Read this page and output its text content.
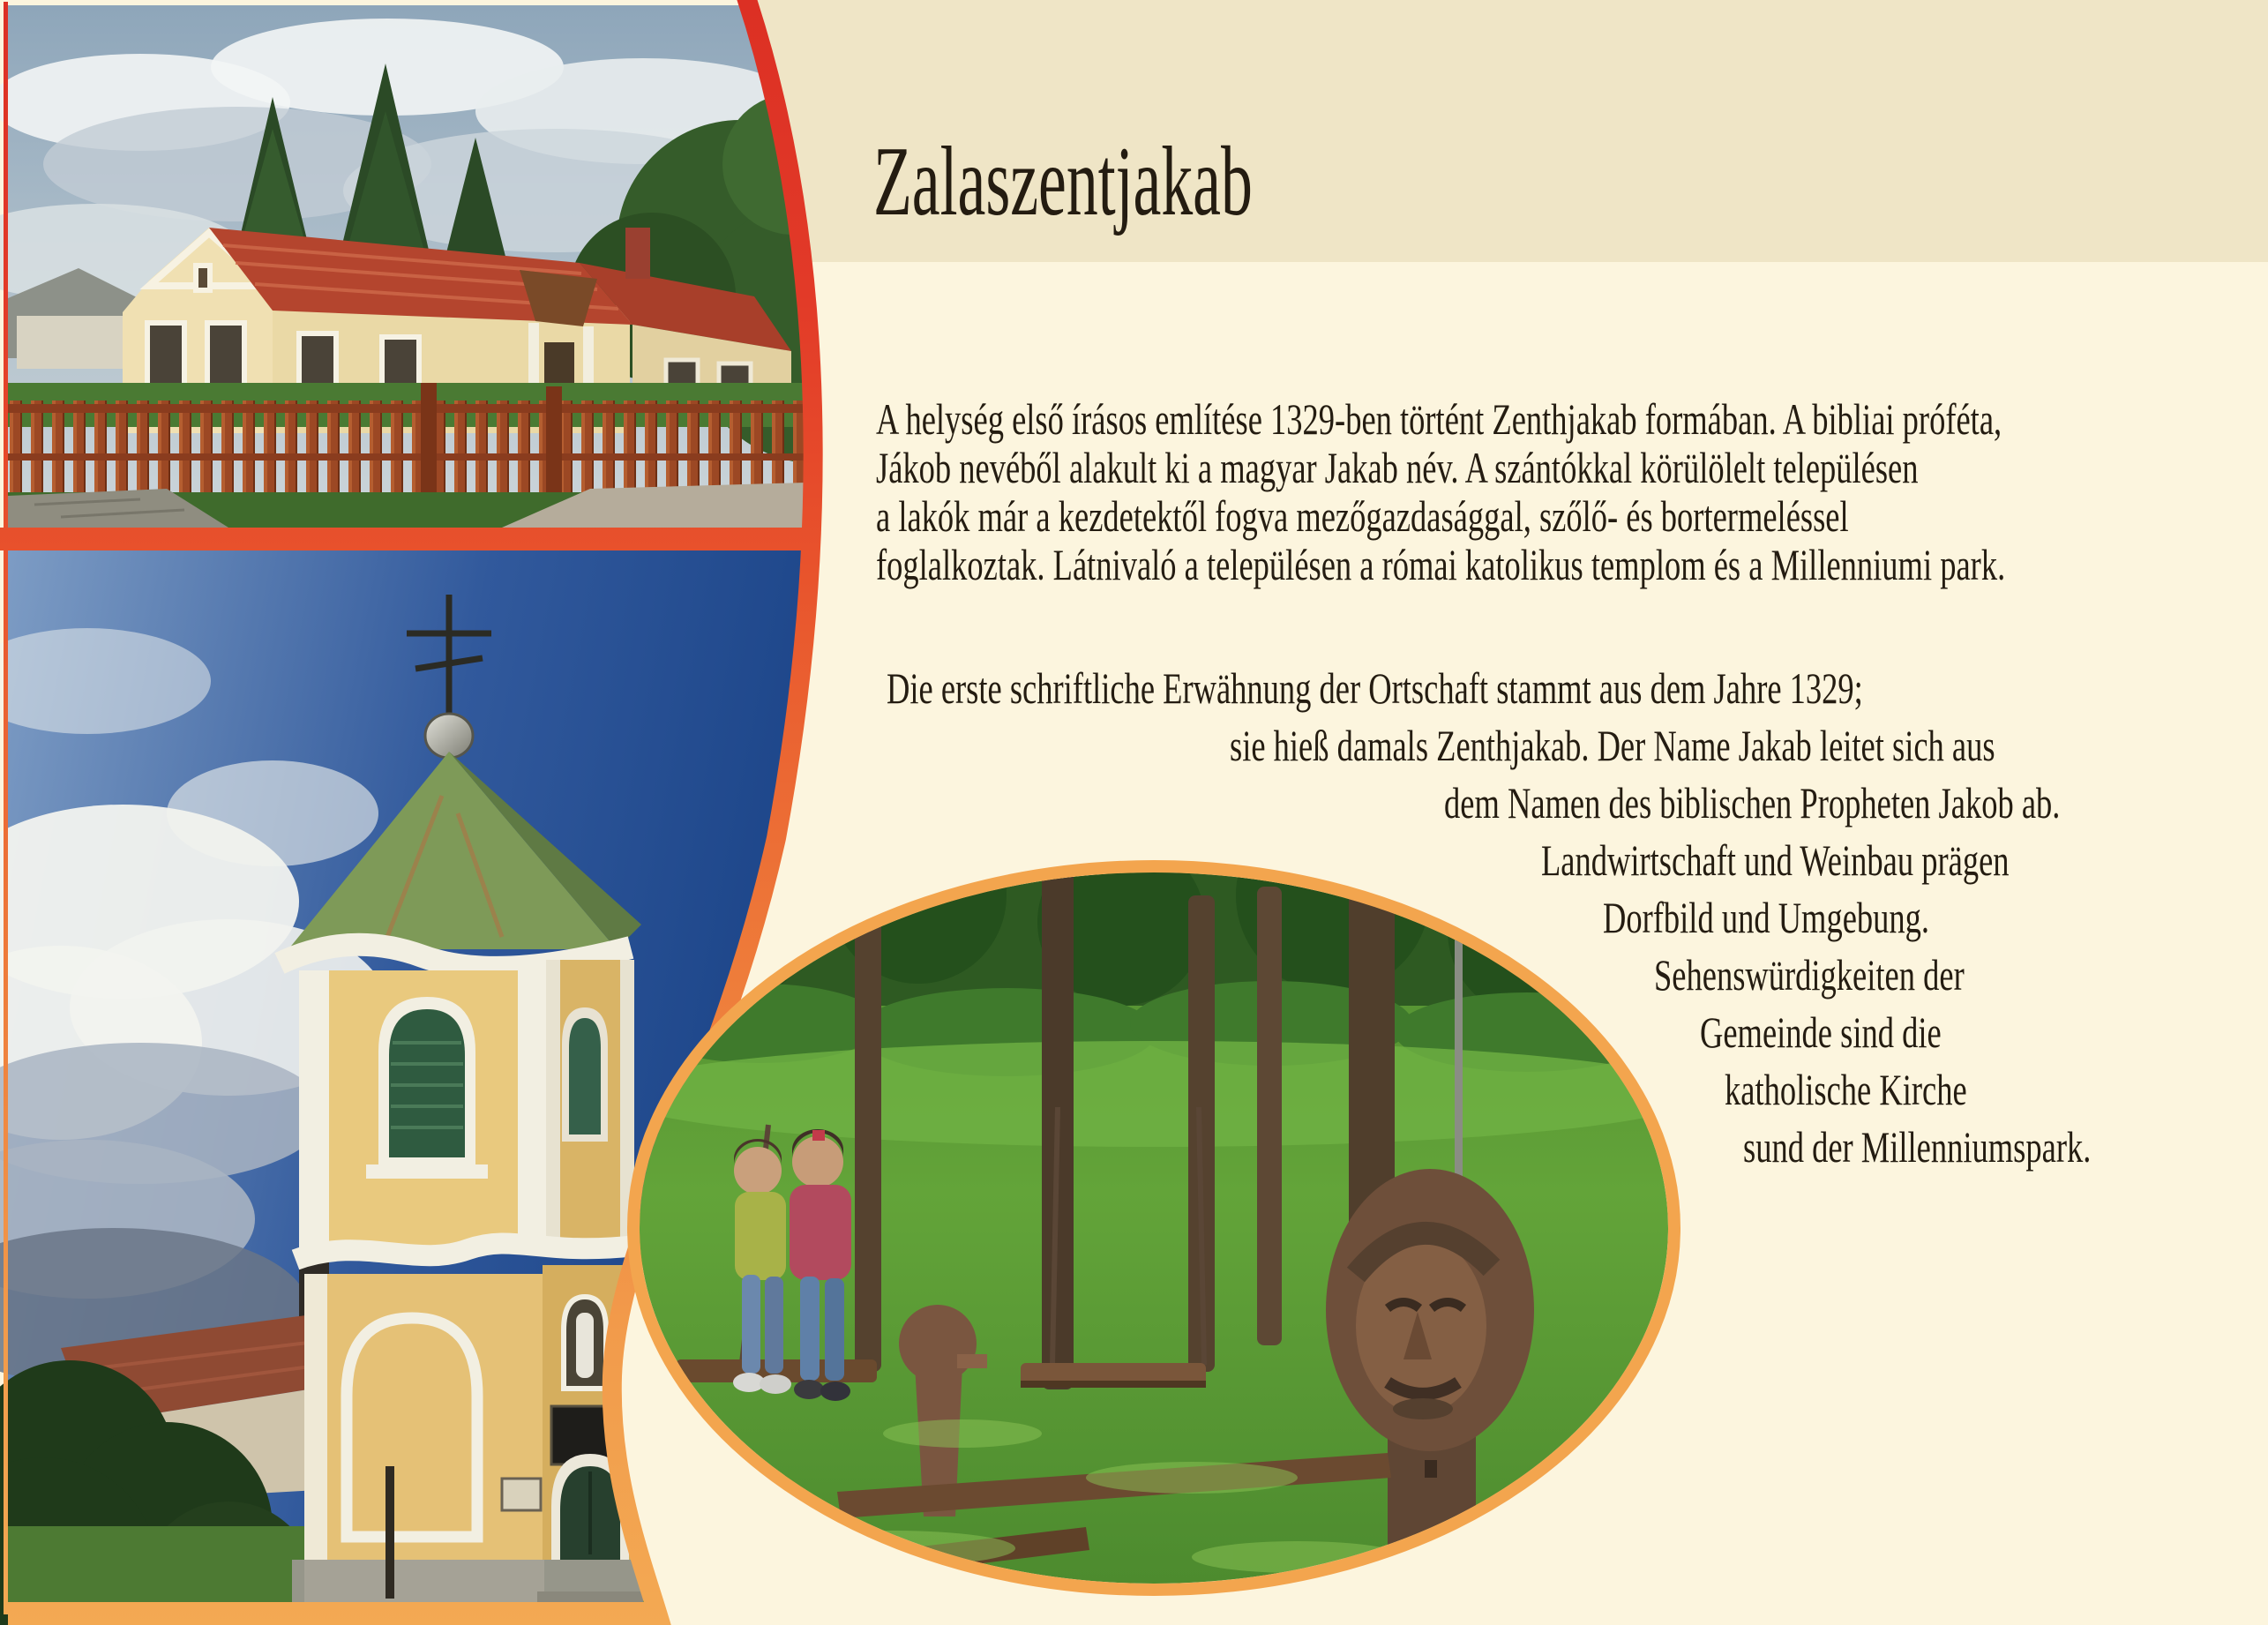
Zalaszentjakab
A helység első írásos említése 1329-ben történt Zenthjakab formában. A bibliai próféta,
Jákob nevéből alakult ki a magyar Jakab név. A szántókkal körülölelt településen
a lakók már a kezdetektől fogva mezőgazdasággal, szőlő- és bortermeléssel
foglalkoztak. Látnivaló a településen a római katolikus templom és a Millenniumi park.
Die erste schriftliche Erwähnung der Ortschaft stammt aus dem Jahre 1329;
sie hieß damals Zenthjakab. Der Name Jakab leitet sich aus
dem Namen des biblischen Propheten Jakob ab.
Landwirtschaft und Weinbau prägen
Dorfbild und Umgebung.
Sehenswürdigkeiten der
Gemeinde sind die
katholische Kirche
sund der Millenniumspark.
